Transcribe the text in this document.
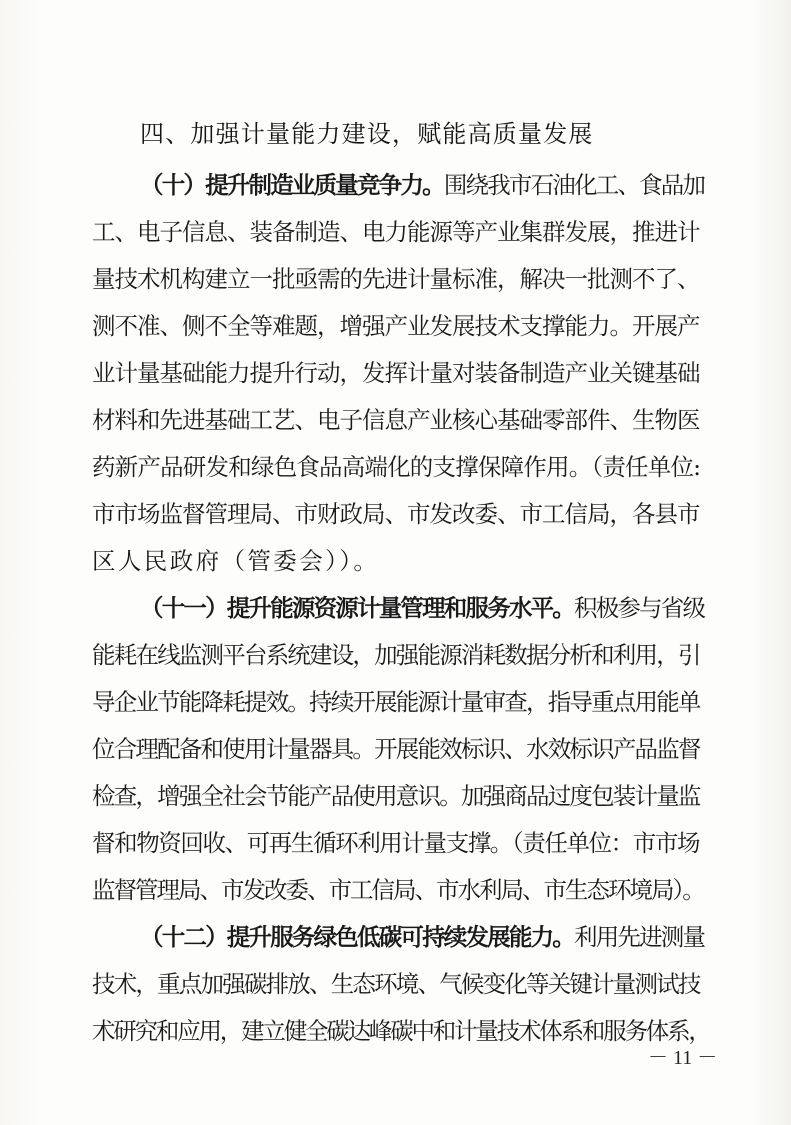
四、加强计量能力建设，赋能高质量发展
（十）提升制造业质量竞争力。围绕我市石油化工、食品加
工、电子信息、装备制造、电力能源等产业集群发展，推进计
量技术机构建立一批亟需的先进计量标准，解决一批测不了、
测不准、侧不全等难题，增强产业发展技术支撑能力。开展产
业计量基础能力提升行动，发挥计量对装备制造产业关键基础
材料和先进基础工艺、电子信息产业核心基础零部件、生物医
药新产品研发和绿色食品高端化的支撑保障作用。（责任单位:
市市场监督管理局、市财政局、市发改委、市工信局，各县市
区人民政府（管委会））。
（十一）提升能源资源计量管理和服务水平。积极参与省级
能耗在线监测平台系统建设，加强能源消耗数据分析和利用，引
导企业节能降耗提效。持续开展能源计量审查，指导重点用能单
位合理配备和使用计量器具。开展能效标识、水效标识产品监督
检查，增强全社会节能产品使用意识。加强商品过度包装计量监
督和物资回收、可再生循环利用计量支撑。（责任单位：市市场
监督管理局、市发改委、市工信局、市水利局、市生态环境局）。
（十二）提升服务绿色低碳可持续发展能力。利用先进测量
技术，重点加强碳排放、生态环境、气候变化等关键计量测试技
术研究和应用，建立健全碳达峰碳中和计量技术体系和服务体系，
－ 11 －
